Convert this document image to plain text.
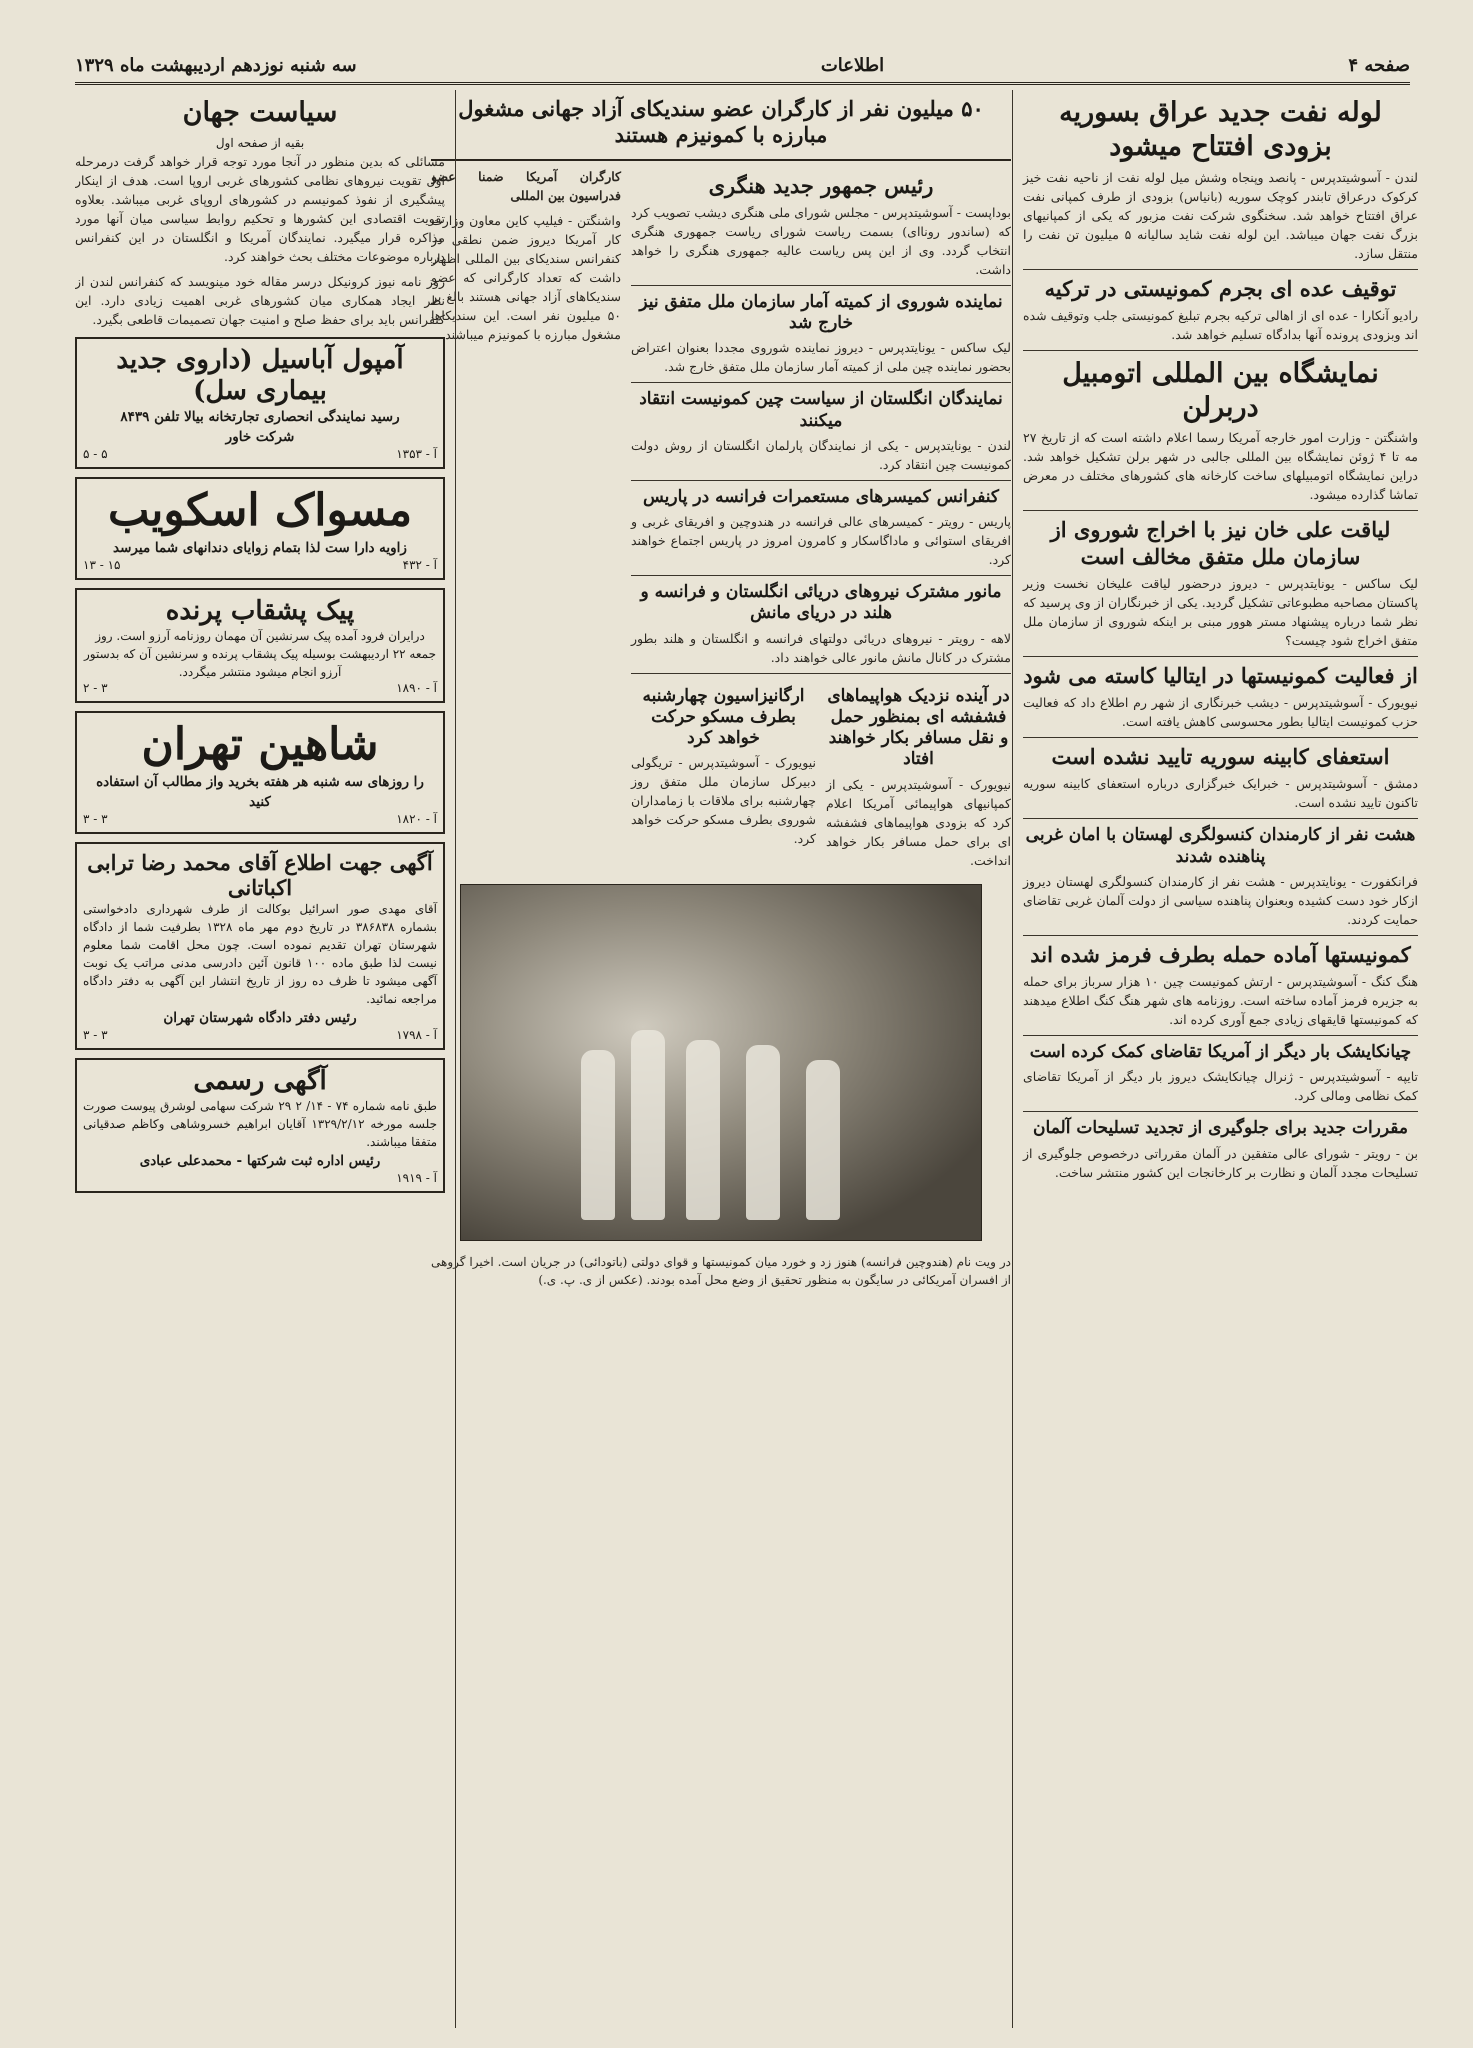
صفحه ۴
اطلاعات
سه شنبه نوزدهم اردیبهشت ماه ۱۳۲۹
لوله نفت جدید عراق بسوریه بزودی افتتاح میشود

لندن - آسوشیتدپرس - پانصد وپنجاه وشش میل لوله نفت از ناحیه نفت خیز کرکوک درعراق تابندر کوچک سوریه (بانیاس) بزودی از طرف کمپانی نفت عراق افتتاح خواهد شد. سخنگوی شرکت نفت مزبور که یکی از کمپانیهای بزرگ نفت جهان میباشد. این لوله نفت شاید سالیانه ۵ میلیون تن نفت را منتقل سازد.

توقیف عده ای بجرم کمونیستی در ترکیه

رادیو آنکارا - عده ای از اهالی ترکیه بجرم تبلیغ کمونیستی جلب وتوقیف شده اند وبزودی پرونده آنها بدادگاه تسلیم خواهد شد.

نمایشگاه بین المللی اتومبیل دربرلن

واشنگتن - وزارت امور خارجه آمریکا رسما اعلام داشته است که از تاریخ ۲۷ مه تا ۴ ژوئن نمایشگاه بین المللی جالبی در شهر برلن تشکیل خواهد شد. دراین نمایشگاه اتومبیلهای ساخت کارخانه های کشورهای مختلف در معرض تماشا گذارده میشود.

لیاقت علی خان نیز با اخراج شوروی از سازمان ملل متفق مخالف است

لیک ساکس - یونایتدپرس - دیروز درحضور لیاقت علیخان نخست وزیر پاکستان مصاحبه مطبوعاتی تشکیل گردید. یکی از خبرنگاران از وی پرسید که نظر شما درباره پیشنهاد مستر هوور مبنی بر اینکه شوروی از سازمان ملل متفق اخراج شود چیست؟

از فعالیت کمونیستها در ایتالیا کاسته می شود

نیویورک - آسوشیتدپرس - دیشب خبرنگاری از شهر رم اطلاع داد که فعالیت حزب کمونیست ایتالیا بطور محسوسی کاهش یافته است.

استعفای کابینه سوریه تایید نشده است

دمشق - آسوشیتدپرس - خبرایک خبرگزاری درباره استعفای کابینه سوریه تاکنون تایید نشده است.

هشت نفر از کارمندان کنسولگری لهستان با امان غربی پناهنده شدند

فرانکفورت - یونایتدپرس - هشت نفر از کارمندان کنسولگری لهستان دیروز ازکار خود دست کشیده وبعنوان پناهنده سیاسی از دولت آلمان غربی تقاضای حمایت کردند.

کمونیستها آماده حمله بطرف فرمز شده اند

هنگ کنگ - آسوشیتدپرس - ارتش کمونیست چین ۱۰ هزار سرباز برای حمله به جزیره فرمز آماده ساخته است. روزنامه های شهر هنگ کنگ اطلاع میدهند که کمونیستها قایقهای زیادی جمع آوری کرده اند.

چیانکایشک بار دیگر از آمریکا تقاضای کمک کرده است

تایپه - آسوشیتدپرس - ژنرال چیانکایشک دیروز بار دیگر از آمریکا تقاضای کمک نظامی ومالی کرد.

مقررات جدید برای جلوگیری از تجدید تسلیحات آلمان

بن - رویتر - شورای عالی متفقین در آلمان مقرراتی درخصوص جلوگیری از تسلیحات مجدد آلمان و نظارت بر کارخانجات این کشور منتشر ساخت.

۵۰ میلیون نفر از کارگران عضو سندیکای آزاد جهانی مشغول مبارزه با کمونیزم هستند
رئیس جمهور جدید هنگری

بوداپست - آسوشیتدپرس - مجلس شورای ملی هنگری دیشب تصویب کرد که (ساندور روناای) بسمت ریاست شورای ریاست جمهوری هنگری انتخاب گردد. وی از این پس ریاست عالیه جمهوری هنگری را خواهد داشت.

نماینده شوروی از کمیته آمار سازمان ملل متفق نیز خارج شد

لیک ساکس - یونایتدپرس - دیروز نماینده شوروی مجددا بعنوان اعتراض بحضور نماینده چین ملی از کمیته آمار سازمان ملل متفق خارج شد.

نمایندگان انگلستان از سیاست چین کمونیست انتقاد میکنند

لندن - یونایتدپرس - یکی از نمایندگان پارلمان انگلستان از روش دولت کمونیست چین انتقاد کرد.

کنفرانس کمیسرهای مستعمرات فرانسه در پاریس

پاریس - رویتر - کمیسرهای عالی فرانسه در هندوچین و افریقای غربی و افریقای استوائی و ماداگاسکار و کامرون امروز در پاریس اجتماع خواهند کرد.

مانور مشترک نیروهای دریائی انگلستان و فرانسه و هلند در دریای مانش

لاهه - رویتر - نیروهای دریائی دولتهای فرانسه و انگلستان و هلند بطور مشترک در کانال مانش مانور عالی خواهند داد.

در آینده نزدیک هواپیماهای فشفشه ای بمنظور حمل و نقل مسافر بکار خواهند افتاد

نیویورک - آسوشیتدپرس - یکی از کمپانیهای هواپیمائی آمریکا اعلام کرد که بزودی هواپیماهای فشفشه ای برای حمل مسافر بکار خواهد انداخت.

ارگانیزاسیون چهارشنبه بطرف مسکو حرکت خواهد کرد

نیویورک - آسوشیتدپرس - تریگولی دبیرکل سازمان ملل متفق روز چهارشنبه برای ملاقات با زمامداران شوروی بطرف مسکو حرکت خواهد کرد.

کارگران آمریکا ضمنا عضو فدراسیون بین المللی

واشنگتن - فیلیپ کاین معاون وزارت کار آمریکا دیروز ضمن نطقی در کنفرانس سندیکای بین المللی اظهار داشت که تعداد کارگرانی که عضو سندیکاهای آزاد جهانی هستند بالغ بر ۵۰ میلیون نفر است. این سندیکاها مشغول مبارزه با کمونیزم میباشند.

در ویت نام (هندوچین فرانسه) هنوز زد و خورد میان کمونیستها و قوای دولتی (باتودائی) در جریان است. اخیرا گروهی از افسران آمریکائی در سایگون به منظور تحقیق از وضع محل آمده بودند. (عکس از ی. پ. ی.)

سیاست جهان
بقیه از صفحه اول

مسائلی که بدین منظور در آنجا مورد توجه قرار خواهد گرفت درمرحله اول تقویت نیروهای نظامی کشورهای غربی اروپا است. هدف از اینکار پیشگیری از نفوذ کمونیسم در کشورهای اروپای غربی میباشد. بعلاوه تقویت اقتصادی این کشورها و تحکیم روابط سیاسی میان آنها مورد مذاکره قرار میگیرد. نمایندگان آمریکا و انگلستان در این کنفرانس درباره موضوعات مختلف بحث خواهند کرد.

روز نامه نیوز کرونیکل درسر مقاله خود مینویسد که کنفرانس لندن از نظر ایجاد همکاری میان کشورهای غربی اهمیت زیادی دارد. این کنفرانس باید برای حفظ صلح و امنیت جهان تصمیمات قاطعی بگیرد.

آمپول آباسیل (داروی جدید بیماری سل)
رسید نمایندگی انحصاری تجارتخانه بیالا تلفن ۸۴۳۹
شرکت خاور
۵ - ۵	آ - ۱۳۵۳
مسواک اسکویب
زاویه دارا ست لذا بتمام زوایای دندانهای شما میرسد
۱۳ - ۱۵	آ - ۴۳۲
پیک پشقاب پرنده
درایران فرود آمده پیک سرنشین آن مهمان روزنامه آرزو است. روز جمعه ۲۲ اردیبهشت بوسیله پیک پشقاب پرنده و سرنشین آن که بدستور آرزو انجام میشود منتشر میگردد.
۲ - ۳	آ - ۱۸۹۰
شاهین تهران
را روزهای سه شنبه هر هفته بخرید واز مطالب آن استفاده کنید
۳ - ۳	آ - ۱۸۲۰
آگهی جهت اطلاع آقای محمد رضا ترابی اکباتانی
آقای مهدی صور اسرائیل بوکالت از طرف شهرداری دادخواستی بشماره ۳۸۶۸۳۸ در تاریخ دوم مهر ماه ۱۳۲۸ بطرفیت شما از دادگاه شهرستان تهران تقدیم نموده است. چون محل اقامت شما معلوم نیست لذا طبق ماده ۱۰۰ قانون آئین دادرسی مدنی مراتب یک نوبت آگهی میشود تا ظرف ده روز از تاریخ انتشار این آگهی به دفتر دادگاه مراجعه نمائید.
رئیس دفتر دادگاه شهرستان تهران
۳ - ۳	آ - ۱۷۹۸
آگهی رسمی
طبق نامه شماره ۷۴ - ۱۴/ ۲ ۲۹ شرکت سهامی لوشرق پیوست صورت جلسه مورخه ۱۳۲۹/۲/۱۲ آقایان ابراهیم خسروشاهی وکاظم صدقیانی متفقا میباشند.
رئیس اداره ثبت شرکتها - محمدعلی عبادی
آ - ۱۹۱۹
